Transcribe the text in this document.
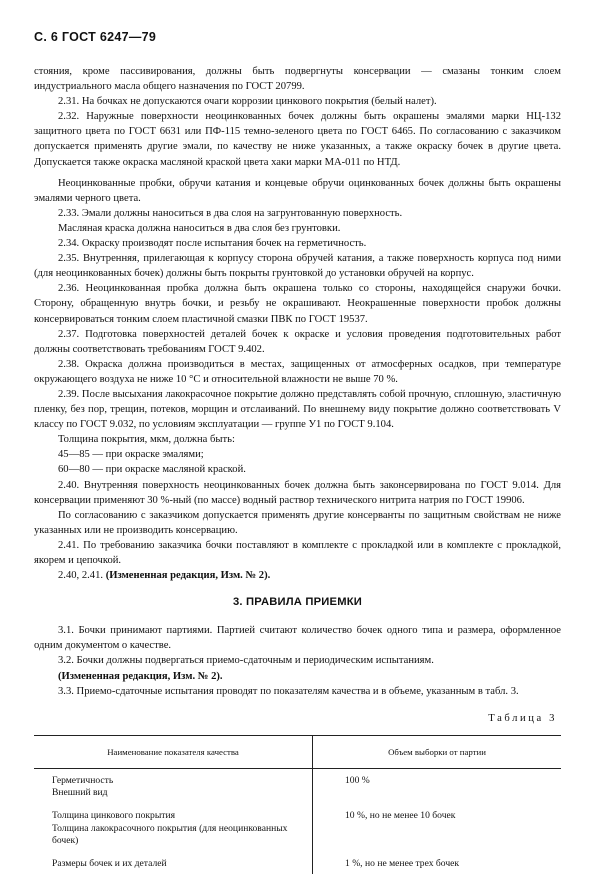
С. 6 ГОСТ 6247—79

стояния, кроме пассивирования, должны быть подвергнуты консервации — смазаны тонким слоем индустриального масла общего назначения по ГОСТ 20799.

2.31. На бочках не допускаются очаги коррозии цинкового покрытия (белый налет).

2.32. Наружные поверхности неоцинкованных бочек должны быть окрашены эмалями марки НЦ-132 защитного цвета по ГОСТ 6631 или ПФ-115 темно-зеленого цвета по ГОСТ 6465. По согласованию с заказчиком допускается применять другие эмали, по качеству не ниже указанных, а также окраску бочек в другие цвета. Допускается также окраска масляной краской цвета хаки марки МА-011 по НТД.

Неоцинкованные пробки, обручи катания и концевые обручи оцинкованных бочек должны быть окрашены эмалями черного цвета.

2.33. Эмали должны наноситься в два слоя на загрунтованную поверхность.

Масляная краска должна наноситься в два слоя без грунтовки.

2.34. Окраску производят после испытания бочек на герметичность.

2.35. Внутренняя, прилегающая к корпусу сторона обручей катания, а также поверхность корпуса под ними (для неоцинкованных бочек) должны быть покрыты грунтовкой до установки обручей на корпус.

2.36. Неоцинкованная пробка должна быть окрашена только со стороны, находящейся снаружи бочки. Сторону, обращенную внутрь бочки, и резьбу не окрашивают. Неокрашенные поверхности пробок должны консервироваться тонким слоем пластичной смазки ПВК по ГОСТ 19537.

2.37. Подготовка поверхностей деталей бочек к окраске и условия проведения подготовительных работ должны соответствовать требованиям ГОСТ 9.402.

2.38. Окраска должна производиться в местах, защищенных от атмосферных осадков, при температуре окружающего воздуха не ниже 10 °С и относительной влажности не выше 70 %.

2.39. После высыхания лакокрасочное покрытие должно представлять собой прочную, сплошную, эластичную пленку, без пор, трещин, потеков, морщин и отслаиваний. По внешнему виду покрытие должно соответствовать V классу по ГОСТ 9.032, по условиям эксплуатации — группе У1 по ГОСТ 9.104.

Толщина покрытия, мкм, должна быть:

45—85 — при окраске эмалями;

60—80 — при окраске масляной краской.

2.40. Внутренняя поверхность неоцинкованных бочек должна быть законсервирована по ГОСТ 9.014. Для консервации применяют 30 %-ный (по массе) водный раствор технического нитрита натрия по ГОСТ 19906.

По согласованию с заказчиком допускается применять другие консерванты по защитным свойствам не ниже указанных или не производить консервацию.

2.41. По требованию заказчика бочки поставляют в комплекте с прокладкой или в комплекте с прокладкой, якорем и цепочкой.

2.40, 2.41. (Измененная редакция, Изм. № 2).

3. ПРАВИЛА ПРИЕМКИ

3.1. Бочки принимают партиями. Партией считают количество бочек одного типа и размера, оформленное одним документом о качестве.

3.2. Бочки должны подвергаться приемо-сдаточным и периодическим испытаниям.

(Измененная редакция, Изм. № 2).

3.3. Приемо-сдаточные испытания проводят по показателям качества и в объеме, указанным в табл. 3.

Таблица 3
Наименование показателя качества	Объем выборки от партии

Герметичность
Внешний вид	100 %

Толщина цинкового покрытия
Толщина лакокрасочного покрытия (для неоцинкованных бочек)	10 %, но не менее 10 бочек

Размеры бочек и их деталей	1 %, но не менее трех бочек
